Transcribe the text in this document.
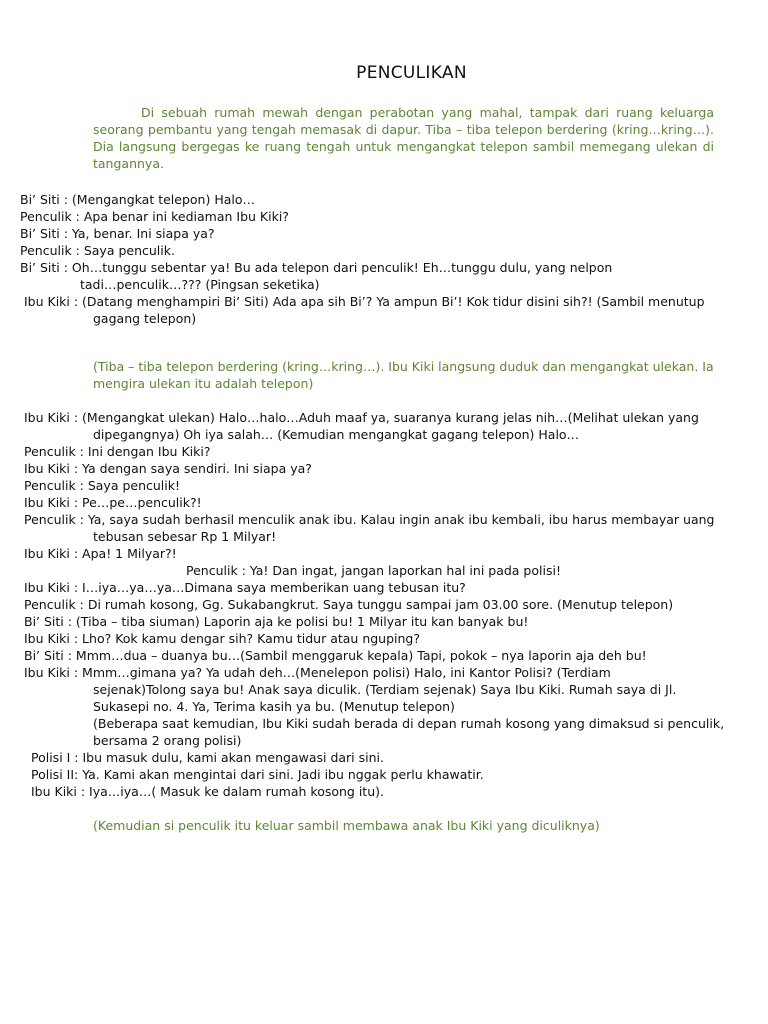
PENCULIKAN
Di sebuah rumah mewah dengan perabotan yang mahal, tampak dari ruang keluarga seorang pembantu yang tengah memasak di dapur. Tiba – tiba telepon berdering (kring…kring…). Dia langsung bergegas ke ruang tengah untuk mengangkat telepon sambil memegang ulekan di tangannya.
Bi’ Siti : (Mengangkat telepon) Halo…
Penculik : Apa benar ini kediaman Ibu Kiki?
Bi’ Siti : Ya, benar. Ini siapa ya?
Penculik : Saya penculik.
Bi’ Siti : Oh…tunggu sebentar ya! Bu ada telepon dari penculik! Eh…tunggu dulu, yang nelpon
tadi…penculik…??? (Pingsan seketika)
Ibu Kiki : (Datang menghampiri Bi’ Siti) Ada apa sih Bi’? Ya ampun Bi’! Kok tidur disini sih?! (Sambil menutup
gagang telepon)
(Tiba – tiba telepon berdering (kring…kring…). Ibu Kiki langsung duduk dan mengangkat ulekan. Ia mengira ulekan itu adalah telepon)
Ibu Kiki : (Mengangkat ulekan) Halo…halo…Aduh maaf ya, suaranya kurang jelas nih…(Melihat ulekan yang
dipegangnya) Oh iya salah… (Kemudian mengangkat gagang telepon) Halo…
Penculik : Ini dengan Ibu Kiki?
Ibu Kiki : Ya dengan saya sendiri. Ini siapa ya?
Penculik : Saya penculik!
Ibu Kiki : Pe…pe…penculik?!
Penculik : Ya, saya sudah berhasil menculik anak ibu. Kalau ingin anak ibu kembali, ibu harus membayar uang
tebusan sebesar Rp 1 Milyar!
Ibu Kiki : Apa! 1 Milyar?!
Penculik : Ya! Dan ingat, jangan laporkan hal ini pada polisi!
Ibu Kiki : I…iya…ya…ya…Dimana saya memberikan uang tebusan itu?
Penculik : Di rumah kosong, Gg. Sukabangkrut. Saya tunggu sampai jam 03.00 sore. (Menutup telepon)
Bi’ Siti : (Tiba – tiba siuman) Laporin aja ke polisi bu! 1 Milyar itu kan banyak bu!
Ibu Kiki : Lho? Kok kamu dengar sih? Kamu tidur atau nguping?
Bi’ Siti : Mmm…dua – duanya bu…(Sambil menggaruk kepala) Tapi, pokok – nya laporin aja deh bu!
Ibu Kiki : Mmm…gimana ya? Ya udah deh…(Menelepon polisi) Halo, ini Kantor Polisi? (Terdiam
sejenak)Tolong saya bu! Anak saya diculik. (Terdiam sejenak) Saya Ibu Kiki. Rumah saya di Jl.
Sukasepi no. 4. Ya, Terima kasih ya bu. (Menutup telepon)
(Beberapa saat kemudian, Ibu Kiki sudah berada di depan rumah kosong yang dimaksud si penculik,
bersama 2 orang polisi)
Polisi I : Ibu masuk dulu, kami akan mengawasi dari sini.
Polisi II: Ya. Kami akan mengintai dari sini. Jadi ibu nggak perlu khawatir.
Ibu Kiki : Iya…iya…( Masuk ke dalam rumah kosong itu).
(Kemudian si penculik itu keluar sambil membawa anak Ibu Kiki yang diculiknya)
